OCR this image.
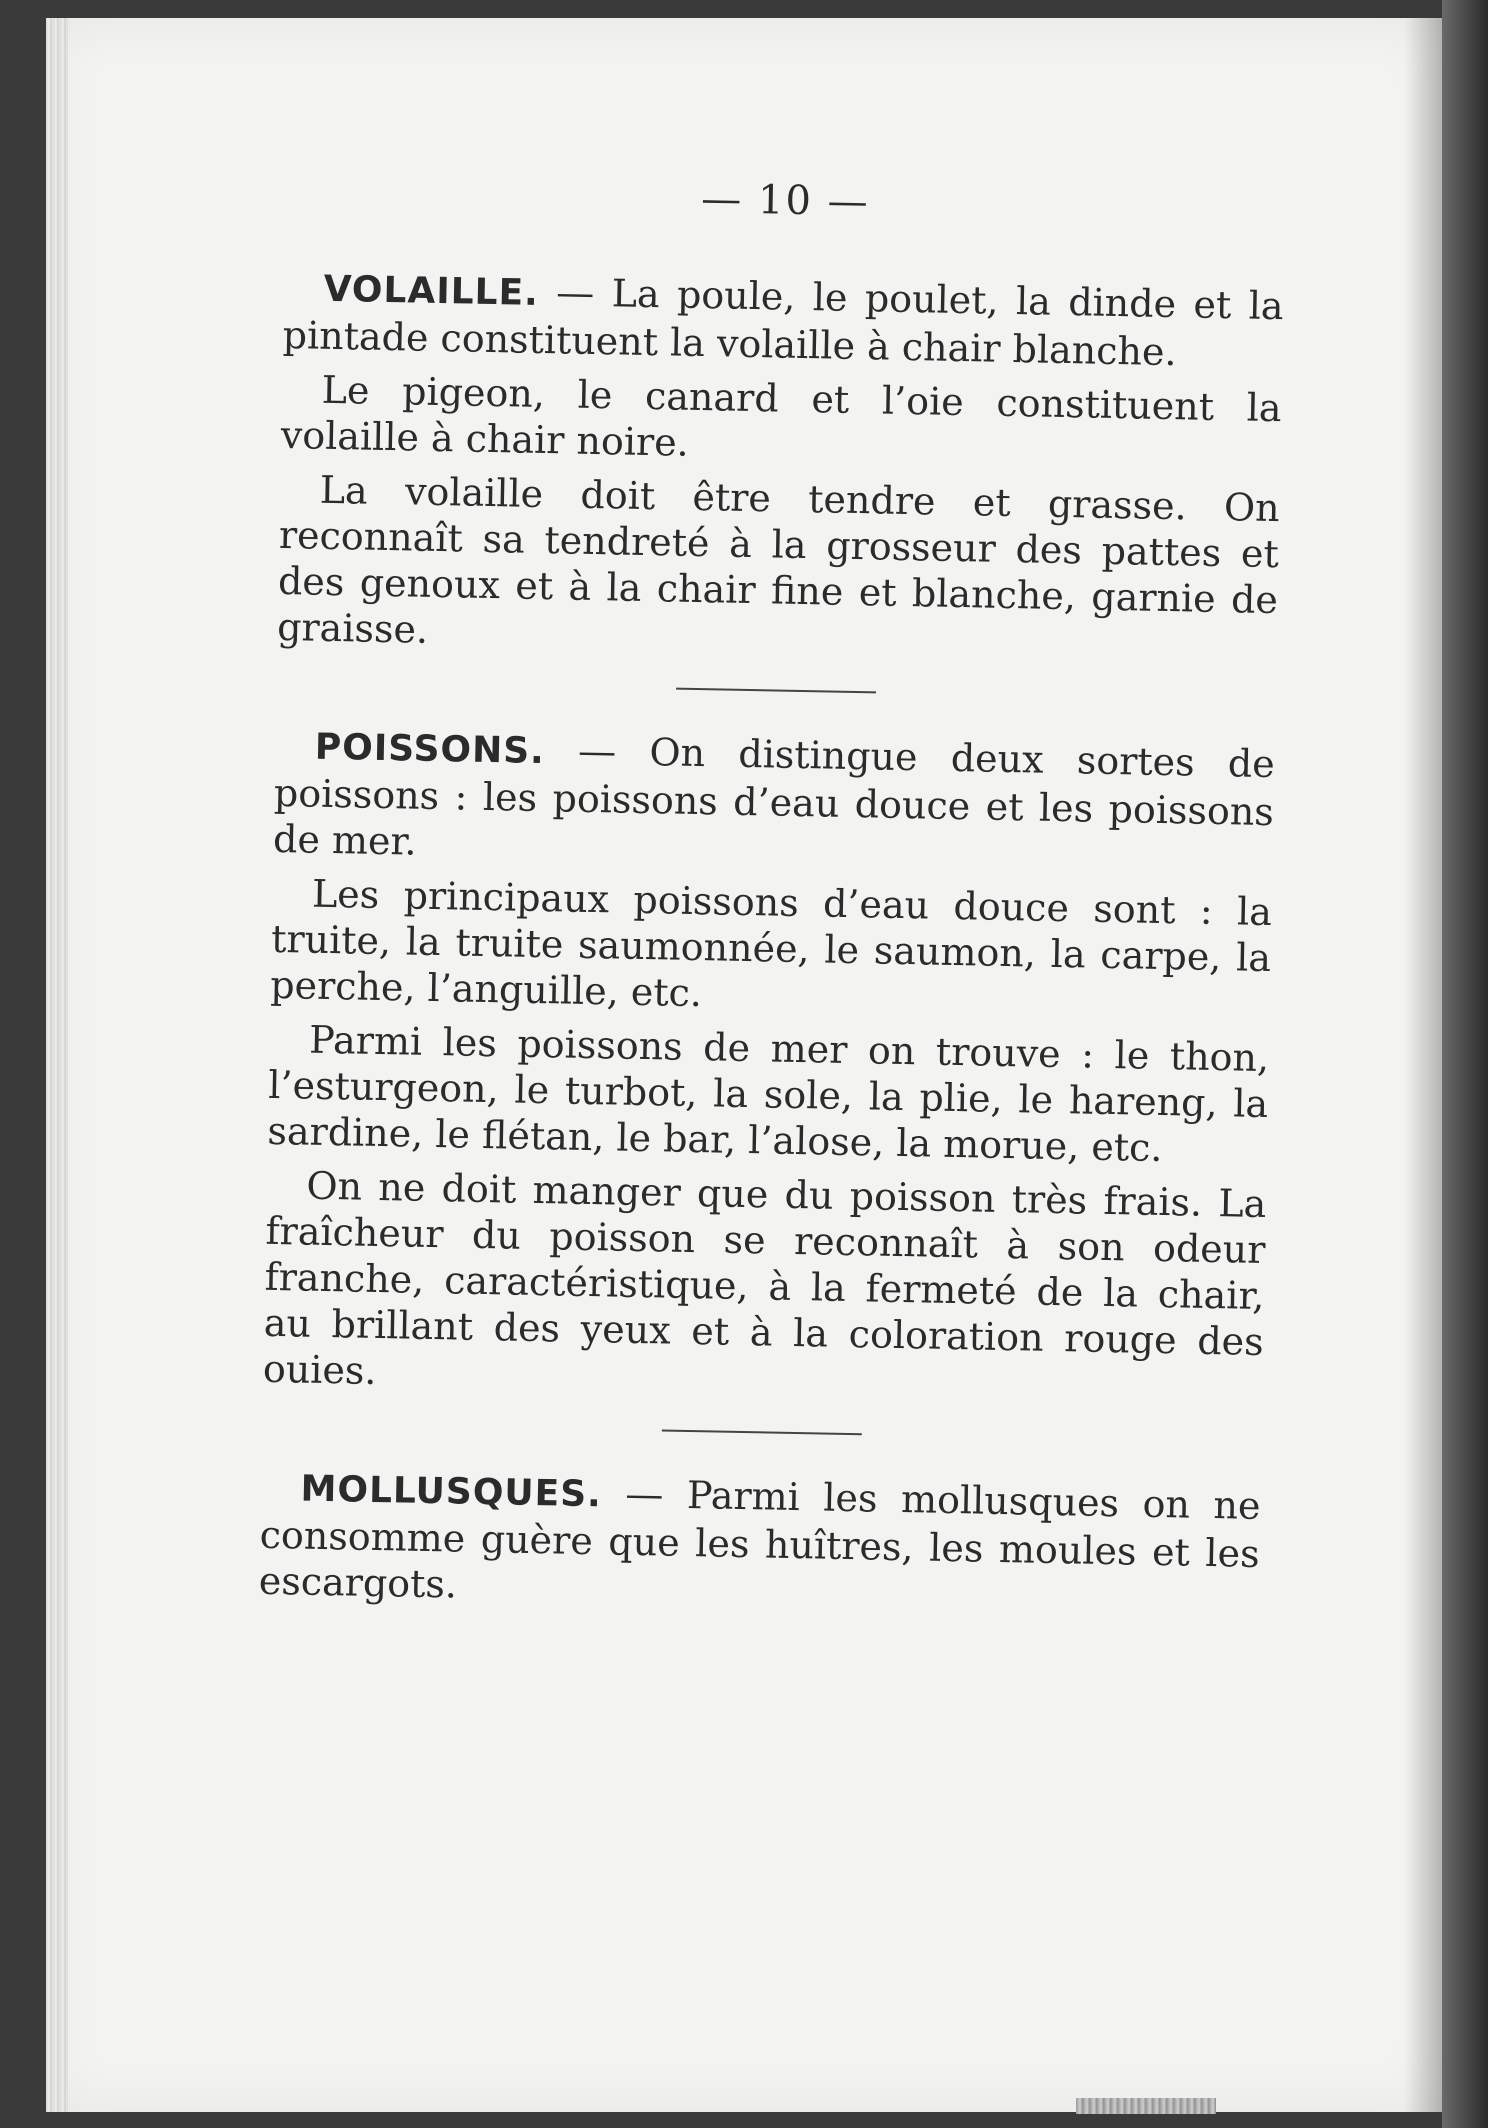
— 10 —

VOLAILLE. — La poule, le poulet, la dinde et la pintade constituent la volaille à chair blanche.

Le pigeon, le canard et l’oie constituent la volaille à chair noire.

La volaille doit être tendre et grasse. On reconnaît sa tendreté à la grosseur des pattes et des genoux et à la chair fine et blanche, garnie de graisse.

POISSONS. — On distingue deux sortes de poissons : les poissons d’eau douce et les poissons de mer.

Les principaux poissons d’eau douce sont : la truite, la truite saumonnée, le saumon, la carpe, la perche, l’anguille, etc.

Parmi les poissons de mer on trouve : le thon, l’esturgeon, le turbot, la sole, la plie, le hareng, la sardine, le flétan, le bar, l’alose, la morue, etc.

On ne doit manger que du poisson très frais. La fraîcheur du poisson se reconnaît à son odeur franche, caractéristique, à la fermeté de la chair, au brillant des yeux et à la coloration rouge des ouies.

MOLLUSQUES. — Parmi les mollusques on ne consomme guère que les huîtres, les moules et les escargots.
